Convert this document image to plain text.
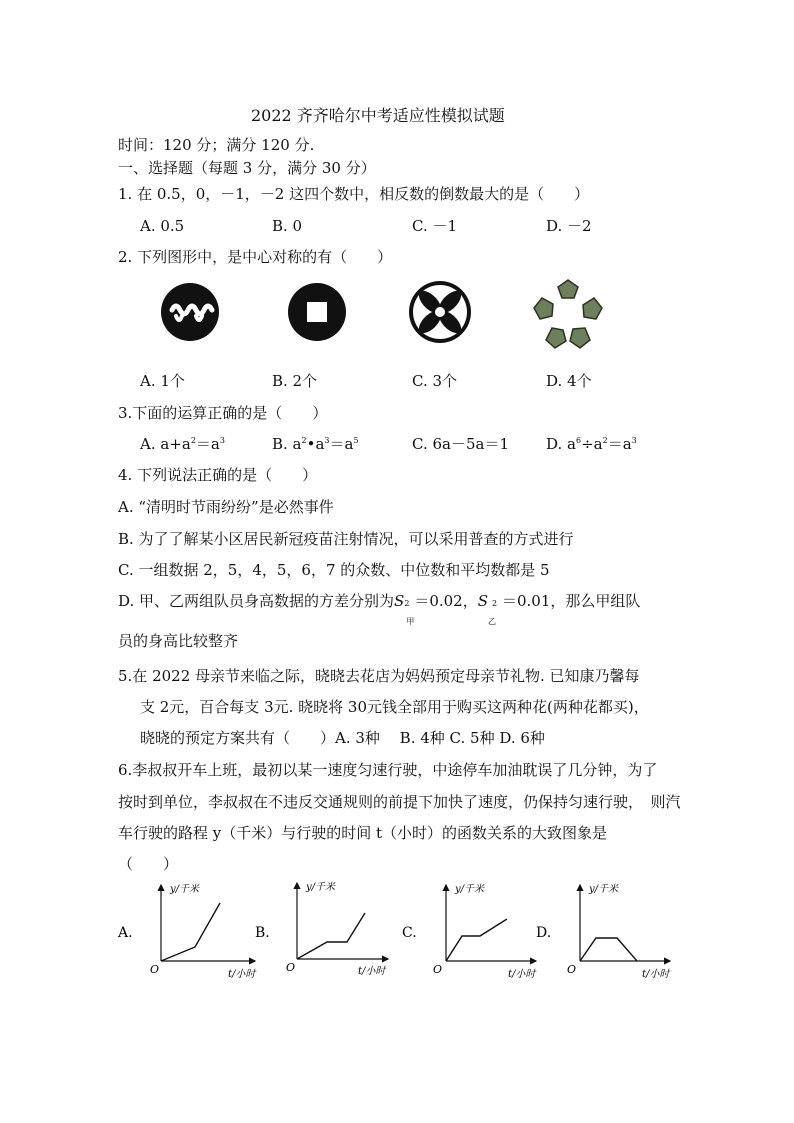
2022 齐齐哈尔中考适应性模拟试题
时间：120 分；满分 120 分.
一、选择题（每题 3 分，满分 30 分）
1. 在 0.5，0，－1，－2 这四个数中，相反数的倒数最大的是（　　）
A. 0.5	B. 0	C. －1	D. －2
2. 下列图形中，是中心对称的有（　　）
A. 1个	B. 2个	C. 3个	D. 4个
3.下面的运算正确的是（　　）
A. $a+a^2=a^3$	B. $a^2•a^3=a^5$	C. 6a－5a＝1 D. $a^6\div a^2=a^3$
4. 下列说法正确的是（　　）
A. “清明时节雨纷纷”是必然事件
B. 为了了解某小区居民新冠疫苗注射情况，可以采用普查的方式进行
C. 一组数据 2，5，4，5，6，7 的众数、中位数和平均数都是 5
D. 甲、乙两组队员身高数据的方差分别为S 2
甲
＝0.02，S 2
乙
＝0.01，那么甲组队
员的身高比较整齐
5.在 2022 母亲节来临之际，晓晓去花店为妈妈预定母亲节礼物. 已知康乃馨每
支 2元，百合每支 3元. 晓晓将 30元钱全部用于购买这两种花(两种花都买)，
晓晓的预定方案共有（　　）A. 3种　 B. 4种 C. 5种 D. 6种
6.李叔叔开车上班，最初以某一速度匀速行驶，中途停车加油耽误了几分钟，为了
按时到单位，李叔叔在不违反交通规则的前提下加快了速度，仍保持匀速行驶，　则汽
车行驶的路程 y（千米）与行驶的时间 t（小时）的函数关系的大致图象是
（　　）
A.
y/千米
t/小时
O
B.
y/千米
t/小时
O
C.
y/千米
t/小时
O
D.
y/千米
t/小时
O
